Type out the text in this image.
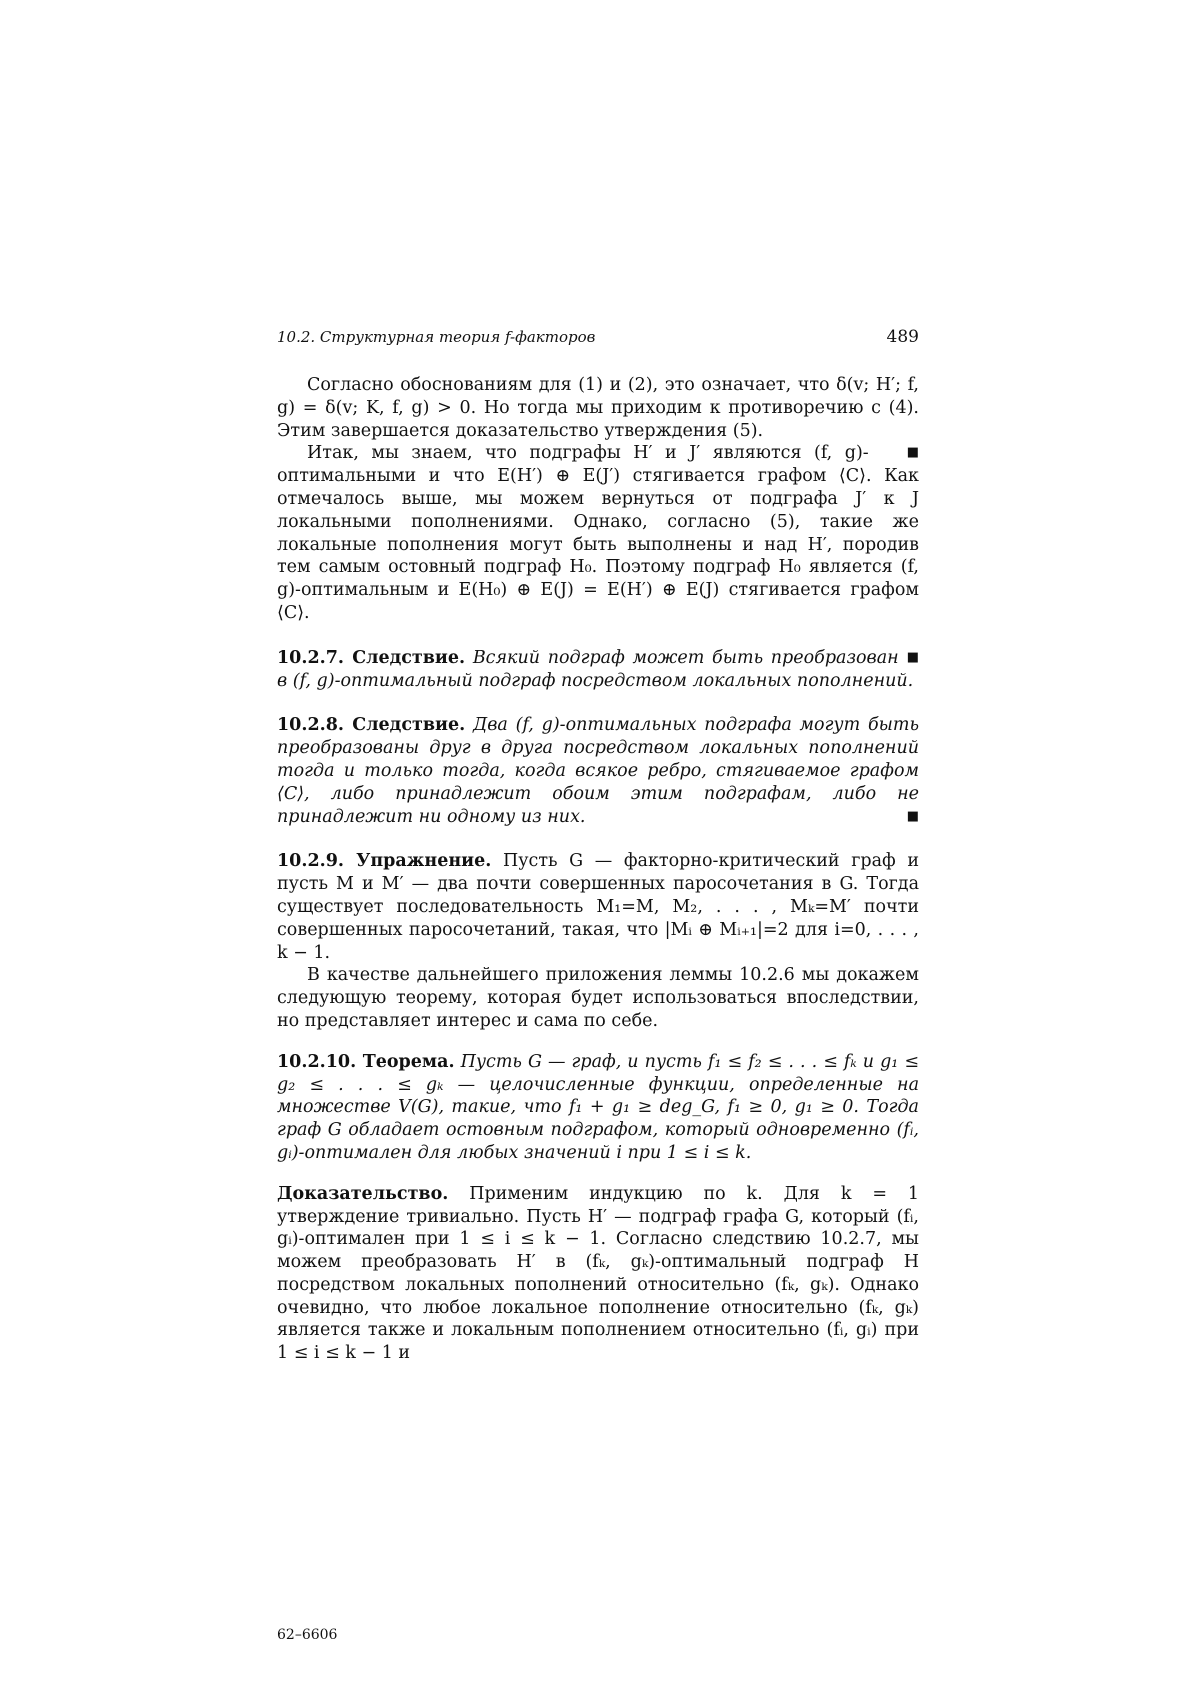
10.2. Структурная теория f-факторов	489

Согласно обоснованиям для (1) и (2), это означает, что δ(v; H′; f, g) = δ(v; K, f, g) > 0. Но тогда мы приходим к противоречию с (4). Этим завершается доказательство утверждения (5).

■
Итак, мы знаем, что подграфы H′ и J′ являются (f, g)-оптимальными и что E(H′) ⊕ E(J′) стягивается графом ⟨C⟩. Как отмечалось выше, мы можем вернуться от подграфа J′ к J локальными пополнениями. Однако, согласно (5), такие же локальные пополнения могут быть выполнены и над H′, породив тем самым остовный подграф H₀. Поэтому подграф H₀ является (f, g)-оптимальным и E(H₀) ⊕ E(J) = E(H′) ⊕ E(J) стягивается графом ⟨C⟩.

■
10.2.7. Следствие. Всякий подграф может быть преобразован в (f, g)-оптимальный подграф посредством локальных пополнений.

10.2.8. Следствие. Два (f, g)-оптимальных подграфа могут быть преобразованы друг в друга посредством локальных пополнений тогда и только тогда, когда всякое ребро, стягиваемое графом ⟨C⟩, либо принадлежит обоим этим подграфам, либо не принадлежит ни одному из них.	■

10.2.9. Упражнение. Пусть G — факторно-критический граф и пусть M и M′ — два почти совершенных паросочетания в G. Тогда существует последовательность M₁=M, M₂, . . . , Mₖ=M′ почти совершенных паросочетаний, такая, что |Mᵢ ⊕ Mᵢ₊₁|=2 для i=0, . . . , k − 1.

В качестве дальнейшего приложения леммы 10.2.6 мы докажем следующую теорему, которая будет использоваться впоследствии, но представляет интерес и сама по себе.

10.2.10. Теорема. Пусть G — граф, и пусть f₁ ≤ f₂ ≤ . . . ≤ fₖ и g₁ ≤ g₂ ≤ . . . ≤ gₖ — целочисленные функции, определенные на множестве V(G), такие, что f₁ + g₁ ≥ deg_G, f₁ ≥ 0, g₁ ≥ 0. Тогда граф G обладает остовным подграфом, который одновременно (fᵢ, gᵢ)-оптимален для любых значений i при 1 ≤ i ≤ k.

Доказательство. Применим индукцию по k. Для k = 1 утверждение тривиально. Пусть H′ — подграф графа G, который (fᵢ, gᵢ)-оптимален при 1 ≤ i ≤ k − 1. Согласно следствию 10.2.7, мы можем преобразовать H′ в (fₖ, gₖ)-оптимальный подграф H посредством локальных пополнений относительно (fₖ, gₖ). Однако очевидно, что любое локальное пополнение относительно (fₖ, gₖ) является также и локальным пополнением относительно (fᵢ, gᵢ) при 1 ≤ i ≤ k − 1 и

62–6606
